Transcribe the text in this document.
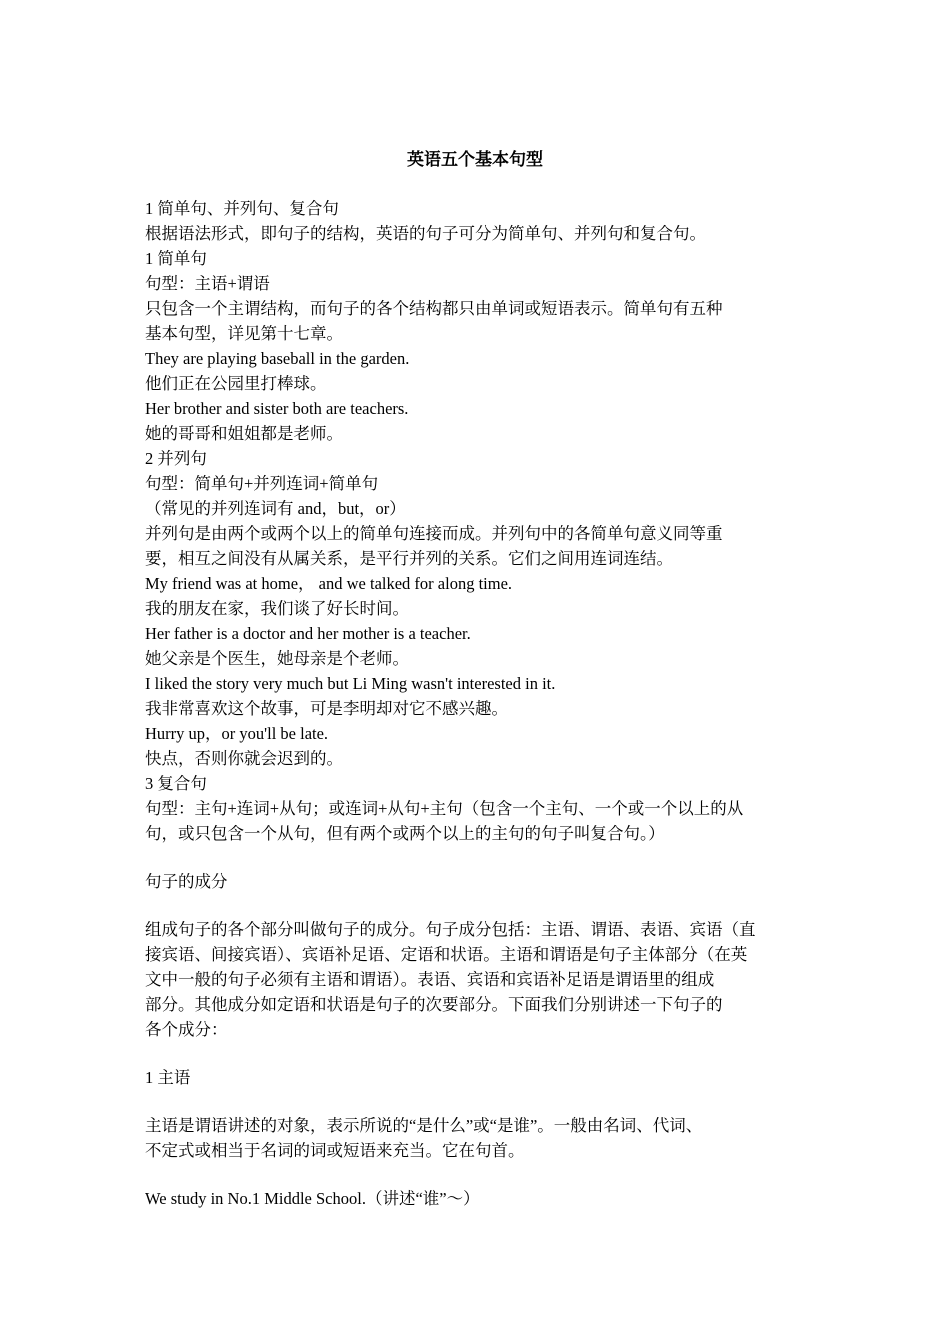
英语五个基本句型
1 简单句、并列句、复合句
根据语法形式，即句子的结构，英语的句子可分为简单句、并列句和复合句。
1 简单句
句型：主语+谓语
只包含一个主谓结构，而句子的各个结构都只由单词或短语表示。简单句有五种
基本句型，详见第十七章。
They are playing baseball in the garden.
他们正在公园里打棒球。
Her brother and sister both are teachers.
她的哥哥和姐姐都是老师。
2 并列句
句型：简单句+并列连词+简单句
（常见的并列连词有 and，but，or）
并列句是由两个或两个以上的简单句连接而成。并列句中的各简单句意义同等重
要，相互之间没有从属关系，是平行并列的关系。它们之间用连词连结。
My friend was at home， and we talked for along time.
我的朋友在家，我们谈了好长时间。
Her father is a doctor and her mother is a teacher.
她父亲是个医生，她母亲是个老师。
I liked the story very much but Li Ming wasn't interested in it.
我非常喜欢这个故事，可是李明却对它不感兴趣。
Hurry up，or you'll be late.
快点，否则你就会迟到的。
3 复合句
句型：主句+连词+从句；或连词+从句+主句（包含一个主句、一个或一个以上的从
句，或只包含一个从句，但有两个或两个以上的主句的句子叫复合句。）
句子的成分
组成句子的各个部分叫做句子的成分。句子成分包括：主语、谓语、表语、宾语（直
接宾语、间接宾语）、宾语补足语、定语和状语。主语和谓语是句子主体部分（在英
文中一般的句子必须有主语和谓语）。表语、宾语和宾语补足语是谓语里的组成
部分。其他成分如定语和状语是句子的次要部分。下面我们分别讲述一下句子的
各个成分：
1 主语
主语是谓语讲述的对象，表示所说的“是什么”或“是谁”。一般由名词、代词、
不定式或相当于名词的词或短语来充当。它在句首。
We study in No.1 Middle School.（讲述“谁”～）
